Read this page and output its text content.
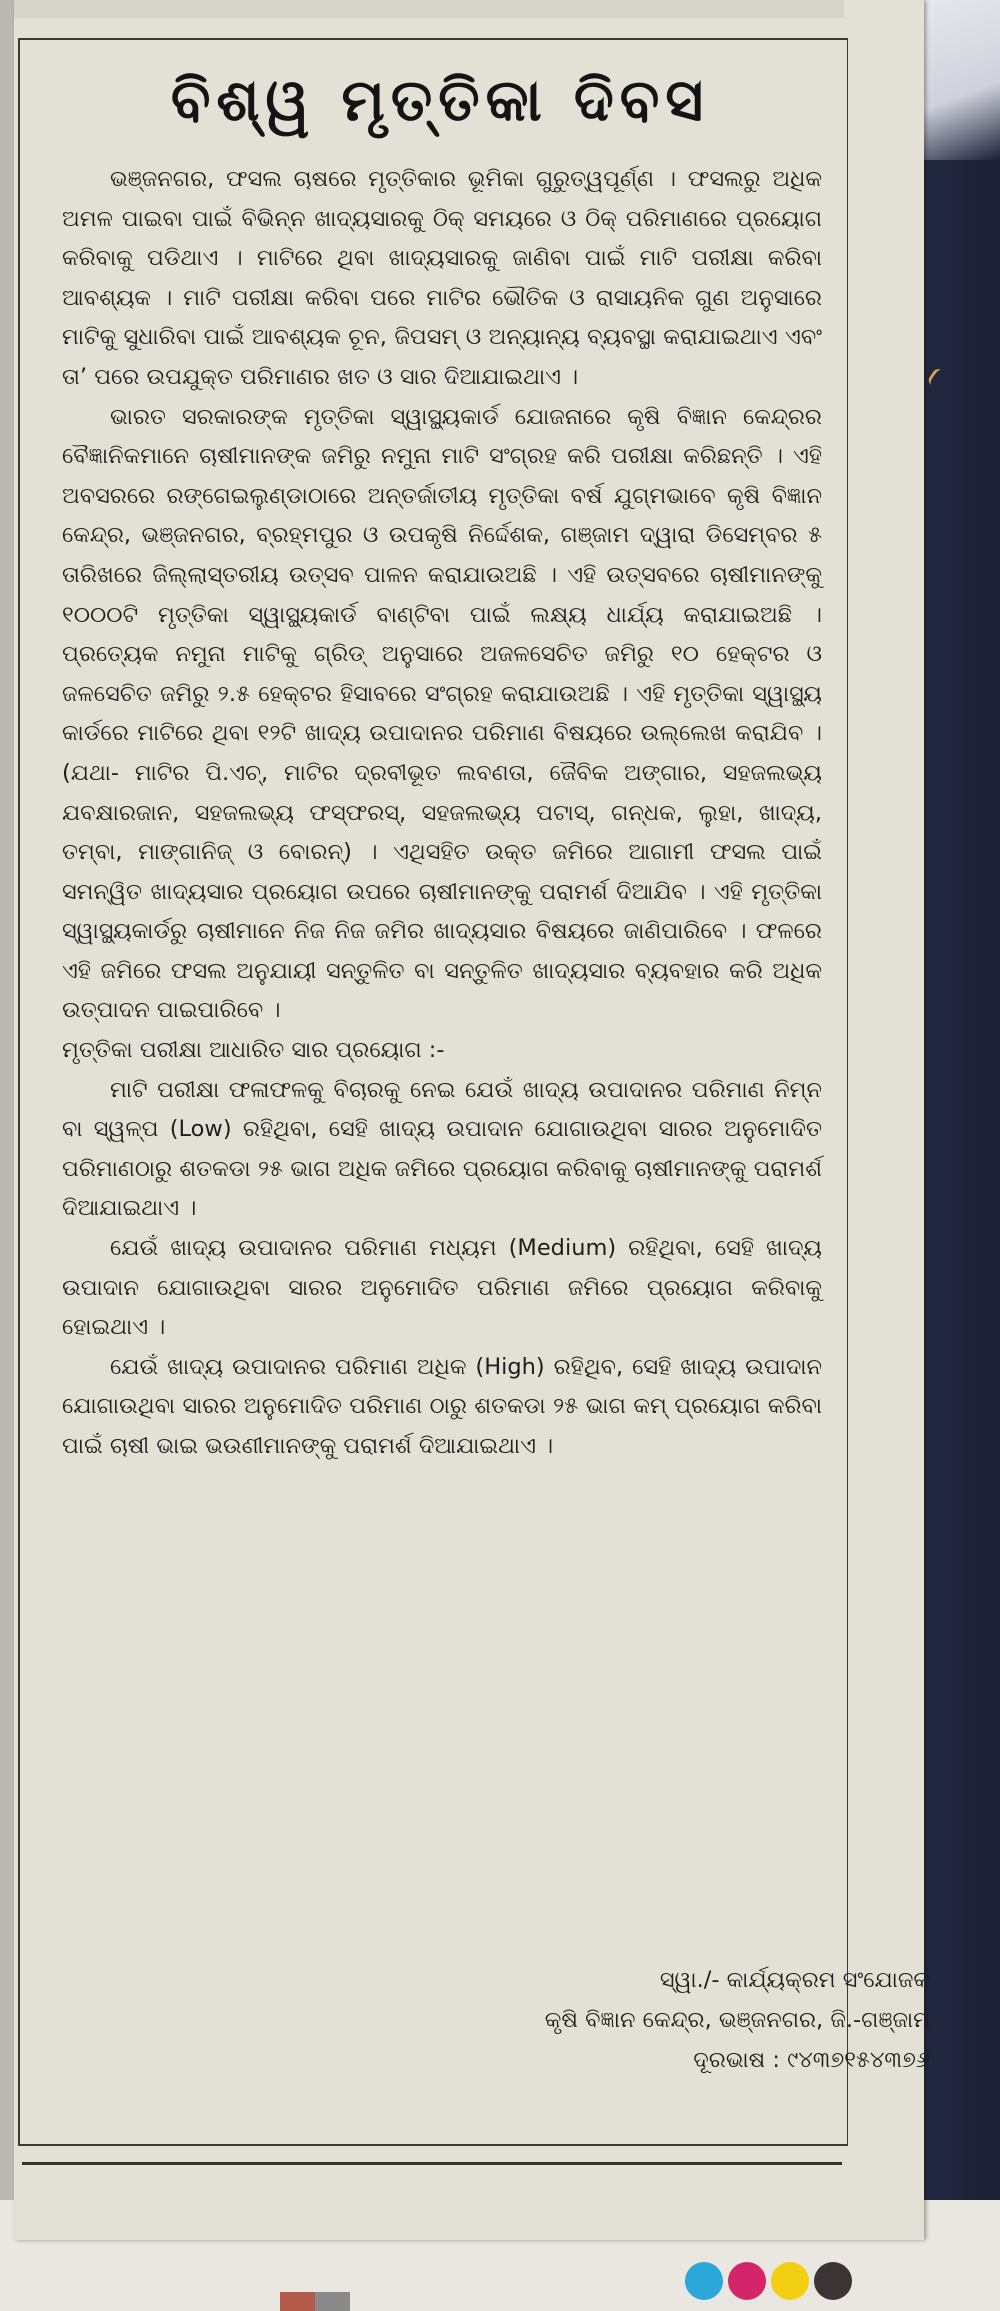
ବିଶ୍ୱ ମୃତ୍ତିକା ଦିବସ

ଭଞ୍ଜନଗର, ଫସଲ ଚାଷରେ ମୃତ୍ତିକାର ଭୂମିକା ଗୁରୁତ୍ୱପୂର୍ଣ୍ଣ । ଫସଲରୁ ଅଧିକ ଅମଳ ପାଇବା ପାଇଁ ବିଭିନ୍ନ ଖାଦ୍ୟସାରକୁ ଠିକ୍ ସମୟରେ ଓ ଠିକ୍ ପରିମାଣରେ ପ୍ରୟୋଗ କରିବାକୁ ପଡିଥାଏ । ମାଟିରେ ଥିବା ଖାଦ୍ୟସାରକୁ ଜାଣିବା ପାଇଁ ମାଟି ପରୀକ୍ଷା କରିବା ଆବଶ୍ୟକ । ମାଟି ପରୀକ୍ଷା କରିବା ପରେ ମାଟିର ଭୌତିକ ଓ ରାସାୟନିକ ଗୁଣ ଅନୁସାରେ ମାଟିକୁ ସୁଧାରିବା ପାଇଁ ଆବଶ୍ୟକ ଚୂନ, ଜିପସମ୍ ଓ ଅନ୍ୟାନ୍ୟ ବ୍ୟବସ୍ଥା କରାଯାଇଥାଏ ଏବଂ ତା’ ପରେ ଉପଯୁକ୍ତ ପରିମାଣର ଖତ ଓ ସାର ଦିଆଯାଇଥାଏ ।

ଭାରତ ସରକାରଙ୍କ ମୃତ୍ତିକା ସ୍ୱାସ୍ଥ୍ୟକାର୍ଡ ଯୋଜନାରେ କୃଷି ବିଜ୍ଞାନ କେନ୍ଦ୍ରର ବୈଜ୍ଞାନିକମାନେ ଚାଷୀମାନଙ୍କ ଜମିରୁ ନମୁନା ମାଟି ସଂଗ୍ରହ କରି ପରୀକ୍ଷା କରିଛନ୍ତି । ଏହି ଅବସରରେ ରଙ୍ଗେଇଲୁଣ୍ଡାଠାରେ ଅନ୍ତର୍ଜାତୀୟ ମୃତ୍ତିକା ବର୍ଷ ଯୁଗ୍ମଭାବେ କୃଷି ବିଜ୍ଞାନ କେନ୍ଦ୍ର, ଭଞ୍ଜନଗର, ବ୍ରହ୍ମପୁର ଓ ଉପକୃଷି ନିର୍ଦ୍ଦେଶକ, ଗଞ୍ଜାମ ଦ୍ୱାରା ଡିସେମ୍ବର ୫ ତାରିଖରେ ଜିଲ୍ଲାସ୍ତରୀୟ ଉତ୍ସବ ପାଳନ କରାଯାଉଅଛି । ଏହି ଉତ୍ସବରେ ଚାଷୀମାନଙ୍କୁ ୧୦୦୦ଟି ମୃତ୍ତିକା ସ୍ୱାସ୍ଥ୍ୟକାର୍ଡ ବାଣ୍ଟିବା ପାଇଁ ଲକ୍ଷ୍ୟ ଧାର୍ଯ୍ୟ କରାଯାଇଅଛି । ପ୍ରତ୍ୟେକ ନମୁନା ମାଟିକୁ ଗ୍ରିଡ୍ ଅନୁସାରେ ଅଜଳସେଚିତ ଜମିରୁ ୧୦ ହେକ୍ଟର ଓ ଜଳସେଚିତ ଜମିରୁ ୨.୫ ହେକ୍ଟର ହିସାବରେ ସଂଗ୍ରହ କରାଯାଉଅଛି । ଏହି ମୃତ୍ତିକା ସ୍ୱାସ୍ଥ୍ୟ କାର୍ଡରେ ମାଟିରେ ଥିବା ୧୨ଟି ଖାଦ୍ୟ ଉପାଦାନର ପରିମାଣ ବିଷୟରେ ଉଲ୍ଲେଖ କରାଯିବ । (ଯଥା- ମାଟିର ପି.ଏଚ୍, ମାଟିର ଦ୍ରବୀଭୂତ ଲବଣତା, ଜୈବିକ ଅଙ୍ଗାର, ସହଜଲଭ୍ୟ ଯବକ୍ଷାରଜାନ, ସହଜଲଭ୍ୟ ଫସ୍‌ଫରସ୍, ସହଜଲଭ୍ୟ ପଟାସ୍, ଗନ୍ଧକ, ଲୁହା, ଖାଦ୍ୟ, ତମ୍ବା, ମାଙ୍ଗାନିଜ୍ ଓ ବୋରନ୍) । ଏଥିସହିତ ଉକ୍ତ ଜମିରେ ଆଗାମୀ ଫସଲ ପାଇଁ ସମନ୍ୱିତ ଖାଦ୍ୟସାର ପ୍ରୟୋଗ ଉପରେ ଚାଷୀମାନଙ୍କୁ ପରାମର୍ଶ ଦିଆଯିବ । ଏହି ମୃତ୍ତିକା ସ୍ୱାସ୍ଥ୍ୟକାର୍ଡରୁ ଚାଷୀମାନେ ନିଜ ନିଜ ଜମିର ଖାଦ୍ୟସାର ବିଷୟରେ ଜାଣିପାରିବେ । ଫଳରେ ଏହି ଜମିରେ ଫସଲ ଅନୁଯାୟୀ ସନ୍ତୁଳିତ ବା ସନ୍ତୁଳିତ ଖାଦ୍ୟସାର ବ୍ୟବହାର କରି ଅଧିକ ଉତ୍ପାଦନ ପାଇପାରିବେ ।

ମୃତ୍ତିକା ପରୀକ୍ଷା ଆଧାରିତ ସାର ପ୍ରୟୋଗ :-

ମାଟି ପରୀକ୍ଷା ଫଳାଫଳକୁ ବିଚାରକୁ ନେଇ ଯେଉଁ ଖାଦ୍ୟ ଉପାଦାନର ପରିମାଣ ନିମ୍ନ ବା ସ୍ୱଳ୍ପ (Low) ରହିଥିବା, ସେହି ଖାଦ୍ୟ ଉପାଦାନ ଯୋଗାଉଥିବା ସାରର ଅନୁମୋଦିତ ପରିମାଣଠାରୁ ଶତକଡା ୨୫ ଭାଗ ଅଧିକ ଜମିରେ ପ୍ରୟୋଗ କରିବାକୁ ଚାଷୀମାନଙ୍କୁ ପରାମର୍ଶ ଦିଆଯାଇଥାଏ ।

ଯେଉଁ ଖାଦ୍ୟ ଉପାଦାନର ପରିମାଣ ମଧ୍ୟମ (Medium) ରହିଥିବା, ସେହି ଖାଦ୍ୟ ଉପାଦାନ ଯୋଗାଉଥିବା ସାରର ଅନୁମୋଦିତ ପରିମାଣ ଜମିରେ ପ୍ରୟୋଗ କରିବାକୁ ହୋଇଥାଏ ।

ଯେଉଁ ଖାଦ୍ୟ ଉପାଦାନର ପରିମାଣ ଅଧିକ (High) ରହିଥିବ, ସେହି ଖାଦ୍ୟ ଉପାଦାନ ଯୋଗାଉଥିବା ସାରର ଅନୁମୋଦିତ ପରିମାଣ ଠାରୁ ଶତକଡା ୨୫ ଭାଗ କମ୍ ପ୍ରୟୋଗ କରିବା ପାଇଁ ଚାଷୀ ଭାଇ ଭଉଣୀମାନଙ୍କୁ ପରାମର୍ଶ ଦିଆଯାଇଥାଏ ।

ସ୍ୱା./- କାର୍ଯ୍ୟକ୍ରମ ସଂଯୋଜକ
କୃଷି ବିଜ୍ଞାନ କେନ୍ଦ୍ର, ଭଞ୍ଜନଗର, ଜି.-ଗଞ୍ଜାମ
ଦୂରଭାଷ : ୯୪୩୭୧୫୪୩୭୬
